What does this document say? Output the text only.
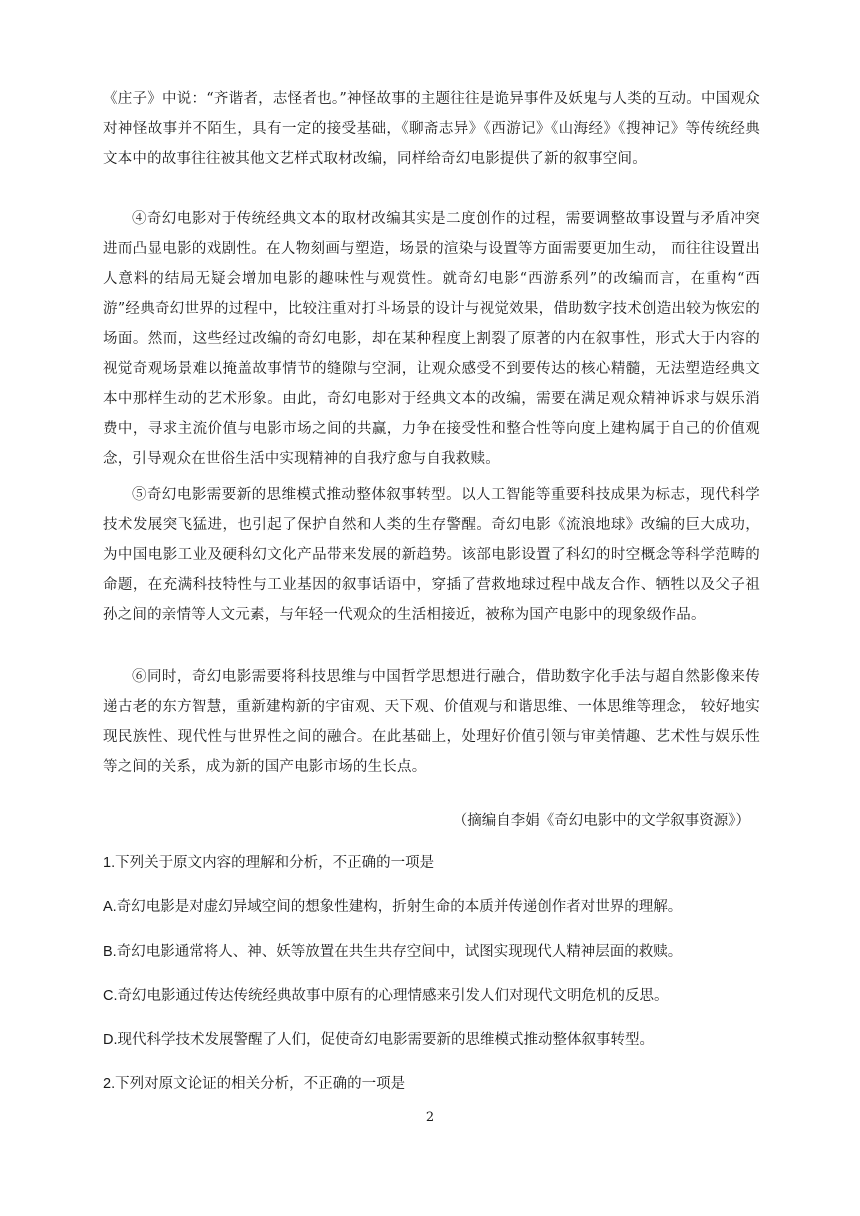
《庄子》中说：“齐谐者，志怪者也。”神怪故事的主题往往是诡异事件及妖鬼与人类的互动。中国观众对神怪故事并不陌生，具有一定的接受基础，《聊斋志异》《西游记》《山海经》《搜神记》等传统经典文本中的故事往往被其他文艺样式取材改编，同样给奇幻电影提供了新的叙事空间。

④奇幻电影对于传统经典文本的取材改编其实是二度创作的过程，需要调整故事设置与矛盾冲突进而凸显电影的戏剧性。在人物刻画与塑造，场景的渲染与设置等方面需要更加生动， 而往往设置出人意料的结局无疑会增加电影的趣味性与观赏性。就奇幻电影“西游系列”的改编而言，在重构“西游”经典奇幻世界的过程中，比较注重对打斗场景的设计与视觉效果，借助数字技术创造出较为恢宏的场面。然而，这些经过改编的奇幻电影，却在某种程度上割裂了原著的内在叙事性，形式大于内容的视觉奇观场景难以掩盖故事情节的缝隙与空洞，让观众感受不到要传达的核心精髓，无法塑造经典文本中那样生动的艺术形象。由此，奇幻电影对于经典文本的改编，需要在满足观众精神诉求与娱乐消费中，寻求主流价值与电影市场之间的共赢，力争在接受性和整合性等向度上建构属于自己的价值观念，引导观众在世俗生活中实现精神的自我疗愈与自我救赎。

⑤奇幻电影需要新的思维模式推动整体叙事转型。以人工智能等重要科技成果为标志，现代科学技术发展突飞猛进，也引起了保护自然和人类的生存警醒。奇幻电影《流浪地球》改编的巨大成功，为中国电影工业及硬科幻文化产品带来发展的新趋势。该部电影设置了科幻的时空概念等科学范畴的命题，在充满科技特性与工业基因的叙事话语中，穿插了营救地球过程中战友合作、牺牲以及父子祖孙之间的亲情等人文元素，与年轻一代观众的生活相接近，被称为国产电影中的现象级作品。

⑥同时，奇幻电影需要将科技思维与中国哲学思想进行融合，借助数字化手法与超自然影像来传递古老的东方智慧，重新建构新的宇宙观、天下观、价值观与和谐思维、一体思维等理念， 较好地实现民族性、现代性与世界性之间的融合。在此基础上，处理好价值引领与审美情趣、艺术性与娱乐性等之间的关系，成为新的国产电影市场的生长点。

（摘编自李娟《奇幻电影中的文学叙事资源》）
1.下列关于原文内容的理解和分析，不正确的一项是
A.奇幻电影是对虚幻异域空间的想象性建构，折射生命的本质并传递创作者对世界的理解。
B.奇幻电影通常将人、神、妖等放置在共生共存空间中，试图实现现代人精神层面的救赎。
C.奇幻电影通过传达传统经典故事中原有的心理情感来引发人们对现代文明危机的反思。
D.现代科学技术发展警醒了人们，促使奇幻电影需要新的思维模式推动整体叙事转型。
2.下列对原文论证的相关分析，不正确的一项是
2
